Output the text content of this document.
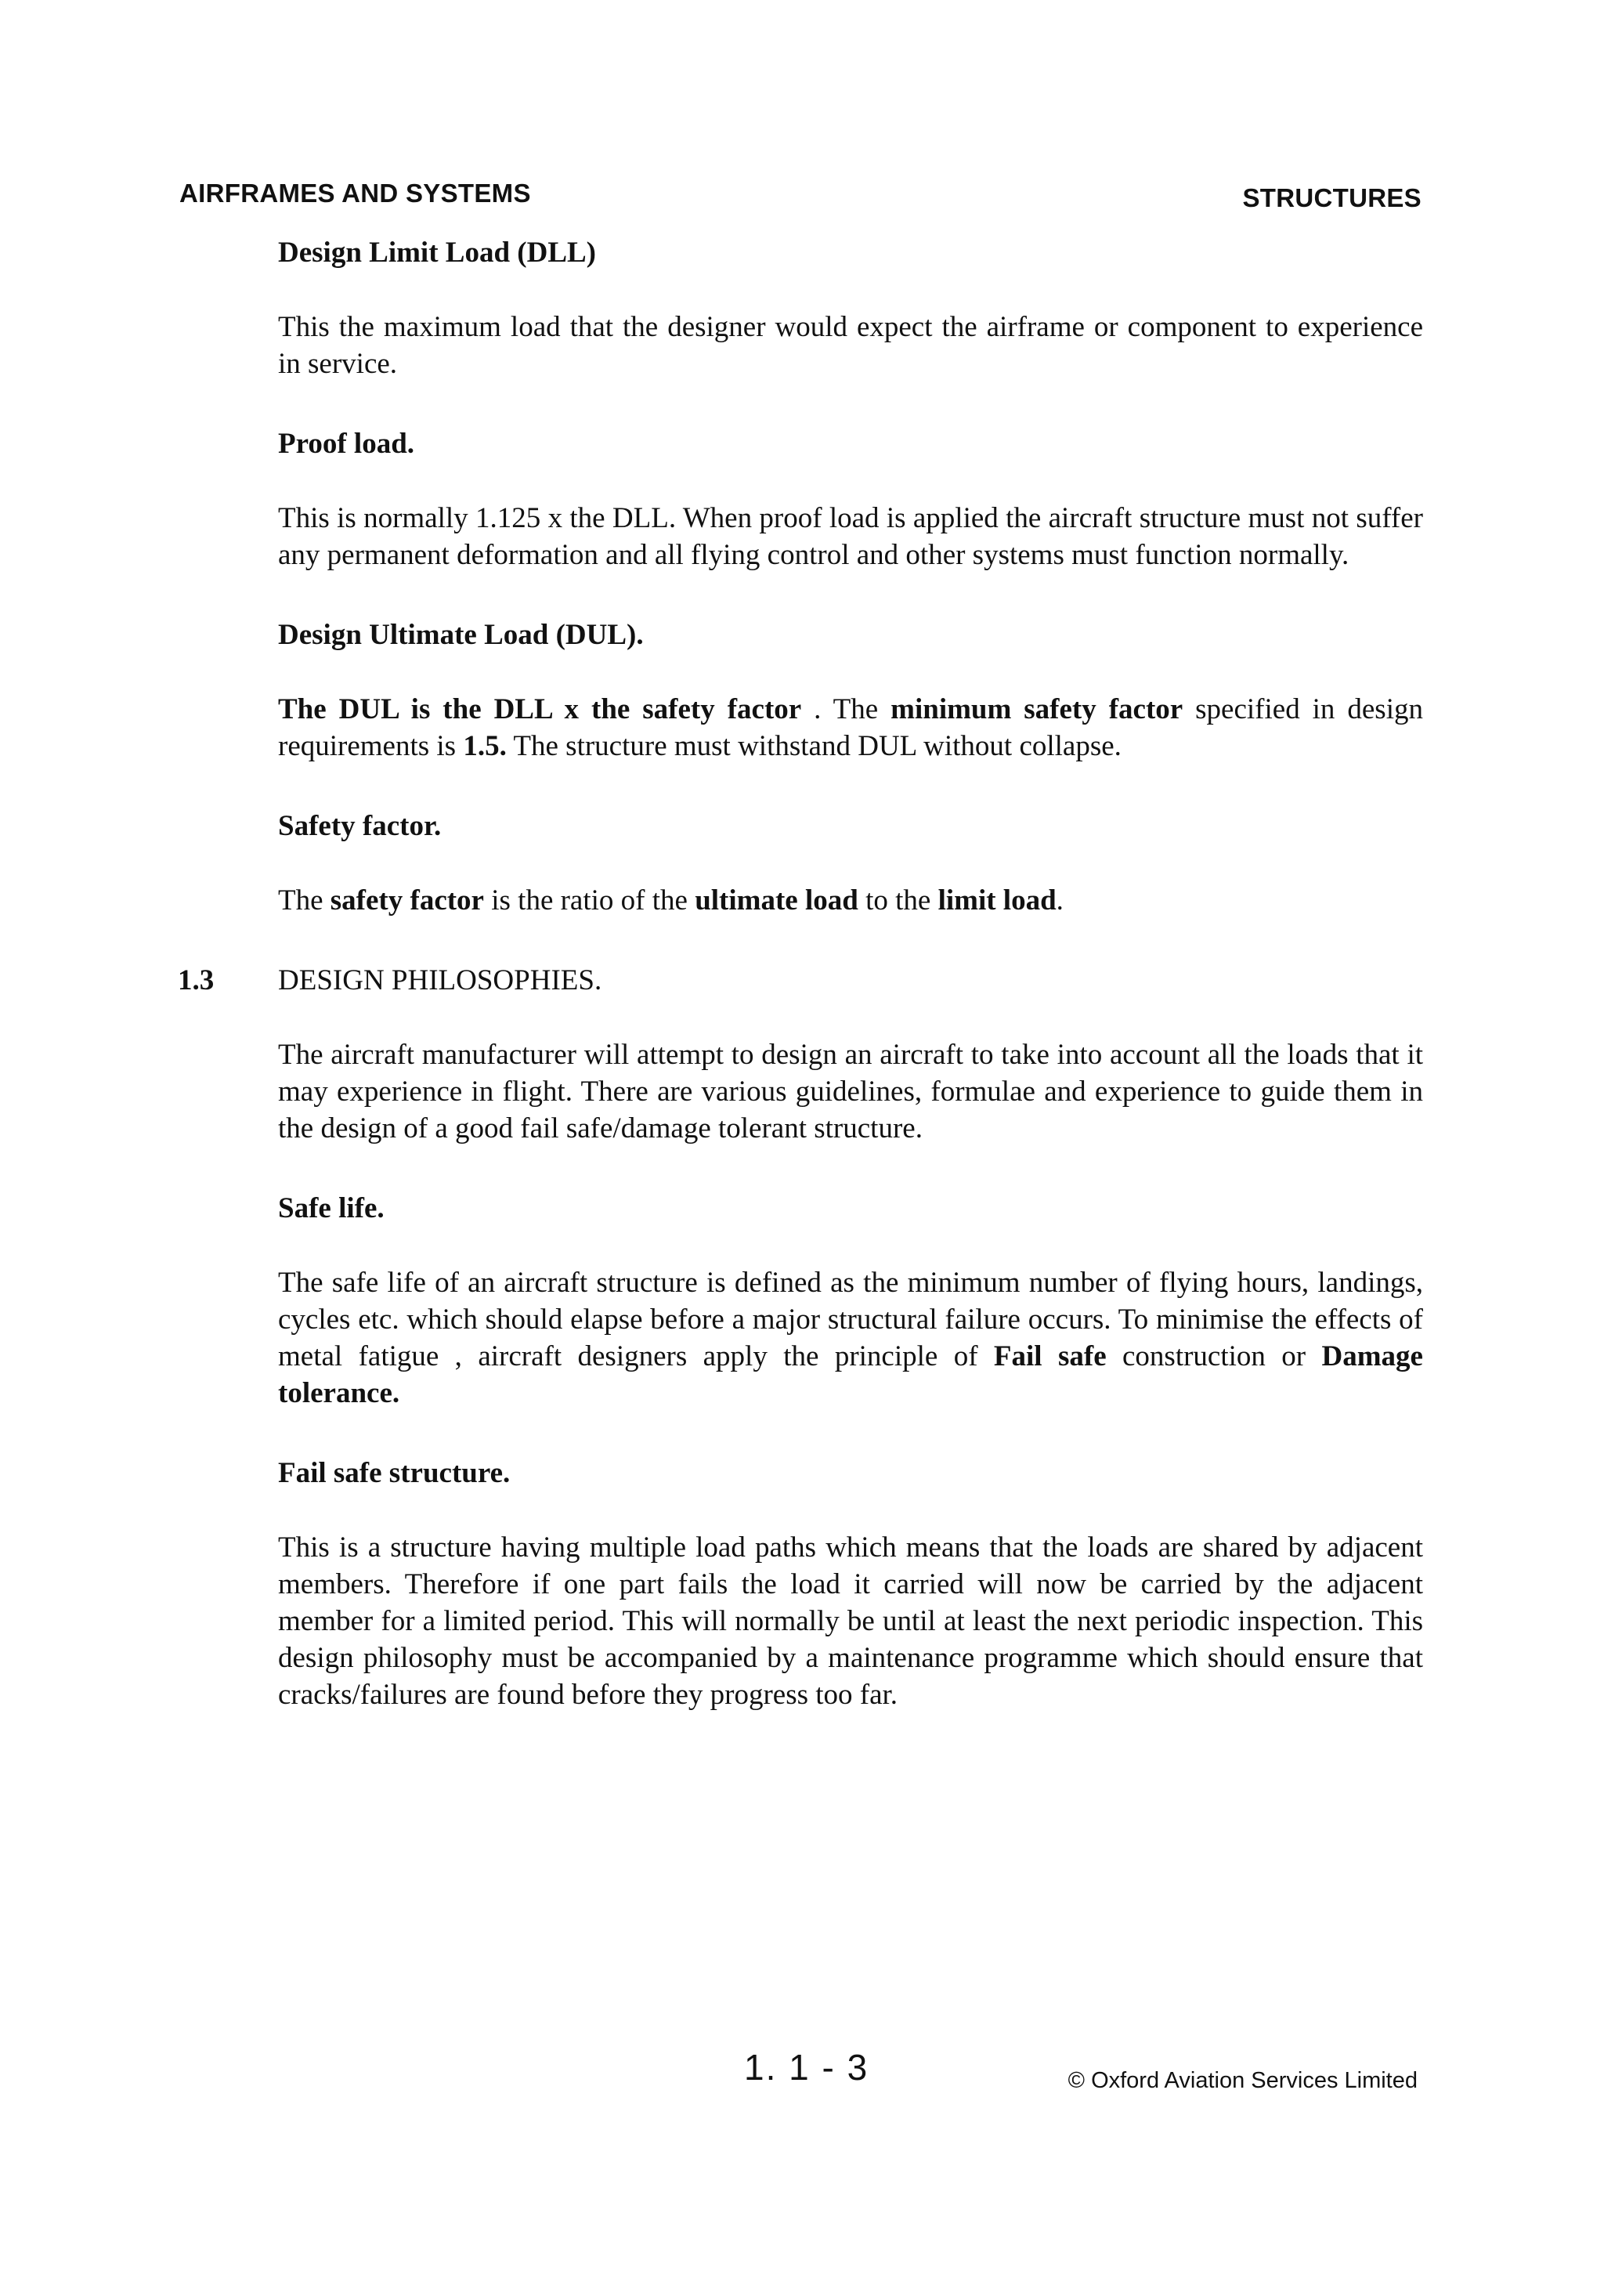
AIRFRAMES AND SYSTEMS	STRUCTURES
Design Limit Load (DLL)

This the maximum load that the designer would expect the airframe or component to experience in service.

Proof load.

This is normally 1.125 x the DLL. When proof load is applied the aircraft structure must not suffer any permanent deformation and all flying control and other systems must function normally.

Design Ultimate Load (DUL).

The DUL is the DLL x the safety factor . The minimum safety factor specified in design requirements is 1.5. The structure must withstand DUL without collapse.

Safety factor.

The safety factor is the ratio of the ultimate load to the limit load.

1.3 DESIGN PHILOSOPHIES.

The aircraft manufacturer will attempt to design an aircraft to take into account all the loads that it may experience in flight. There are various guidelines, formulae and experience to guide them in the design of a good fail safe/damage tolerant structure.

Safe life.

The safe life of an aircraft structure is defined as the minimum number of flying hours, landings, cycles etc. which should elapse before a major structural failure occurs. To minimise the effects of metal fatigue , aircraft designers apply the principle of Fail safe construction or Damage tolerance.

Fail safe structure.

This is a structure having multiple load paths which means that the loads are shared by adjacent members. Therefore if one part fails the load it carried will now be carried by the adjacent member for a limited period. This will normally be until at least the next periodic inspection. This design philosophy must be accompanied by a maintenance programme which should ensure that cracks/failures are found before they progress too far.

1. 1 - 3	© Oxford Aviation Services Limited
